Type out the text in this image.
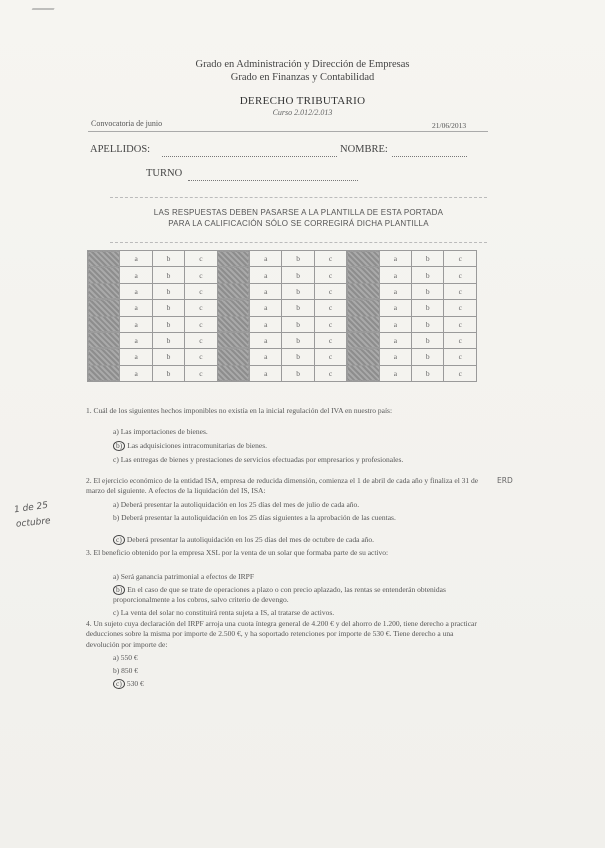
Grado en Administración y Dirección de Empresas
Grado en Finanzas y Contabilidad
DERECHO TRIBUTARIO
Curso 2.012/2.013
Convocatoria de junio	21/06/2013
APELLIDOS:	NOMBRE:
TURNO
LAS RESPUESTAS DEBEN PASARSE A LA PLANTILLA DE ESTA PORTADA
PARA LA CALIFICACIÓN SÓLO SE CORREGIRÁ DICHA PLANTILLA
	a	b	c		a	b	c		a	b	c
	a	b	c		a	b	c		a	b	c
	a	b	c		a	b	c		a	b	c
	a	b	c		a	b	c		a	b	c
	a	b	c		a	b	c		a	b	c
	a	b	c		a	b	c		a	b	c
	a	b	c		a	b	c		a	b	c
	a	b	c		a	b	c		a	b	c
1. Cuál de los siguientes hechos imponibles no existía en la inicial regulación del IVA en nuestro país:
a) Las importaciones de bienes.
b) Las adquisiciones intracomunitarias de bienes.
c) Las entregas de bienes y prestaciones de servicios efectuadas por empresarios y profesionales.
2. El ejercicio económico de la entidad ISA, empresa de reducida dimensión, comienza el 1 de abril de cada año y finaliza el 31 de marzo del siguiente. A efectos de la liquidación del IS, ISA:
a) Deberá presentar la autoliquidación en los 25 días del mes de julio de cada año.
b) Deberá presentar la autoliquidación en los 25 días siguientes a la aprobación de las cuentas.
c) Deberá presentar la autoliquidación en los 25 días del mes de octubre de cada año.
3. El beneficio obtenido por la empresa XSL por la venta de un solar que formaba parte de su activo:
a) Será ganancia patrimonial a efectos de IRPF
b) En el caso de que se trate de operaciones a plazo o con precio aplazado, las rentas se entenderán obtenidas proporcionalmente a los cobros, salvo criterio de devengo.
c) La venta del solar no constituirá renta sujeta a IS, al tratarse de activos.
4. Un sujeto cuya declaración del IRPF arroja una cuota íntegra general de 4.200 € y del ahorro de 1.200, tiene derecho a practicar deducciones sobre la misma por importe de 2.500 €, y ha soportado retenciones por importe de 530 €. Tiene derecho a una devolución por importe de:
a) 550 €
b) 850 €
c) 530 €
1 de 25
octubre
ERD
